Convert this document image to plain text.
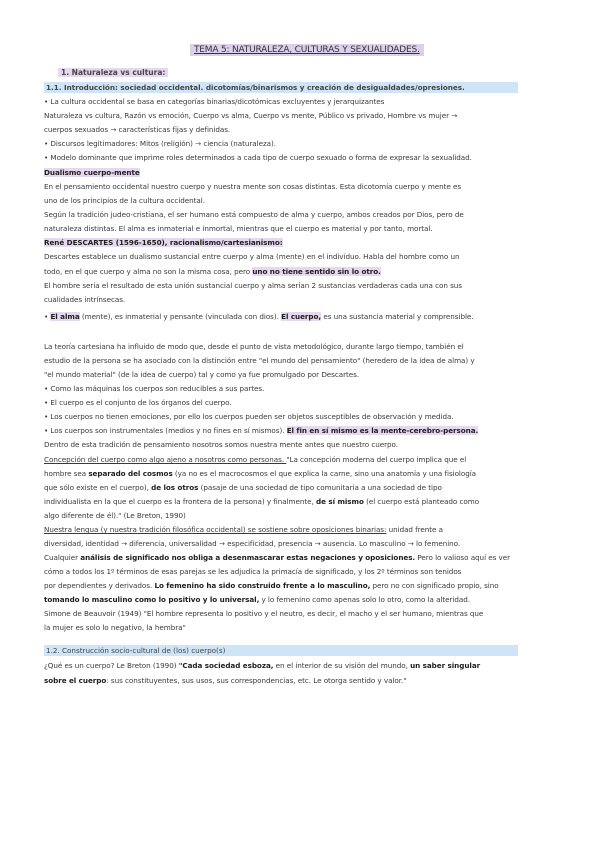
TEMA 5: NATURALEZA, CULTURAS Y SEXUALIDADES.
1. Naturaleza vs cultura:
1.1. Introducción: sociedad occidental. dicotomías/binarismos y creación de desigualdades/opresiones.
• La cultura occidental se basa en categorías binarias/dicotómicas excluyentes y jerarquizantes
Naturaleza vs cultura, Razón vs emoción, Cuerpo vs alma, Cuerpo vs mente, Público vs privado, Hombre vs mujer →
cuerpos sexuados → características fijas y definidas.
• Discursos legitimadores: Mitos (religión) → ciencia (naturaleza).
• Modelo dominante que imprime roles determinados a cada tipo de cuerpo sexuado o forma de expresar la sexualidad.
Dualismo cuerpo-mente
En el pensamiento occidental nuestro cuerpo y nuestra mente son cosas distintas. Esta dicotomía cuerpo y mente es
uno de los principios de la cultura occidental.
Según la tradición judeo-cristiana, el ser humano está compuesto de alma y cuerpo, ambos creados por Dios, pero de
naturaleza distintas. El alma es inmaterial e inmortal, mientras que el cuerpo es material y por tanto, mortal.
René DESCARTES (1596-1650), racionalismo/cartesianismo:
Descartes establece un dualismo sustancial entre cuerpo y alma (mente) en el individuo. Habla del hombre como un
todo, en el que cuerpo y alma no son la misma cosa, pero uno no tiene sentido sin lo otro.
El hombre sería el resultado de esta unión sustancial cuerpo y alma serían 2 sustancias verdaderas cada una con sus
cualidades intrínsecas.
• El alma (mente), es inmaterial y pensante (vinculada con dios). El cuerpo, es una sustancia material y comprensible.
La teoría cartesiana ha influido de modo que, desde el punto de vista metodológico, durante largo tiempo, también el
estudio de la persona se ha asociado con la distinción entre "el mundo del pensamiento" (heredero de la idea de alma) y
"el mundo material" (de la idea de cuerpo) tal y como ya fue promulgado por Descartes.
• Como las máquinas los cuerpos son reducibles a sus partes.
• El cuerpo es el conjunto de los órganos del cuerpo.
• Los cuerpos no tienen emociones, por ello los cuerpos pueden ser objetos susceptibles de observación y medida.
• Los cuerpos son instrumentales (medios y no fines en sí mismos). El fin en sí mismo es la mente-cerebro-persona.
Dentro de esta tradición de pensamiento nosotros somos nuestra mente antes que nuestro cuerpo.
Concepción del cuerpo como algo ajeno a nosotros como personas. "La concepción moderna del cuerpo implica que el
hombre sea separado del cosmos (ya no es el macrocosmos el que explica la carne, sino una anatomía y una fisiología
que sólo existe en el cuerpo), de los otros (pasaje de una sociedad de tipo comunitaria a una sociedad de tipo
individualista en la que el cuerpo es la frontera de la persona) y finalmente, de sí mismo (el cuerpo está planteado como
algo diferente de él)." (Le Breton, 1990)
Nuestra lengua (y nuestra tradición filosófica occidental) se sostiene sobre oposiciones binarias: unidad frente a
diversidad, identidad → diferencia, universalidad → especificidad, presencia → ausencia. Lo masculino → lo femenino.
Cualquier análisis de significado nos obliga a desenmascarar estas negaciones y oposiciones. Pero lo valioso aquí es ver
cómo a todos los 1º términos de esas parejas se les adjudica la primacía de significado, y los 2º términos son tenidos
por dependientes y derivados. Lo femenino ha sido construido frente a lo masculino, pero no con significado propio, sino
tomando lo masculino como lo positivo y lo universal, y lo femenino como apenas solo lo otro, como la alteridad.
Simone de Beauvoir (1949) "El hombre representa lo positivo y el neutro, es decir, el macho y el ser humano, mientras que
la mujer es solo lo negativo, la hembra"
1.2. Construcción socio-cultural de (los) cuerpo(s)
¿Qué es un cuerpo? Le Breton (1990) "Cada sociedad esboza, en el interior de su visión del mundo, un saber singular
sobre el cuerpo: sus constituyentes, sus usos, sus correspondencias, etc. Le otorga sentido y valor."
